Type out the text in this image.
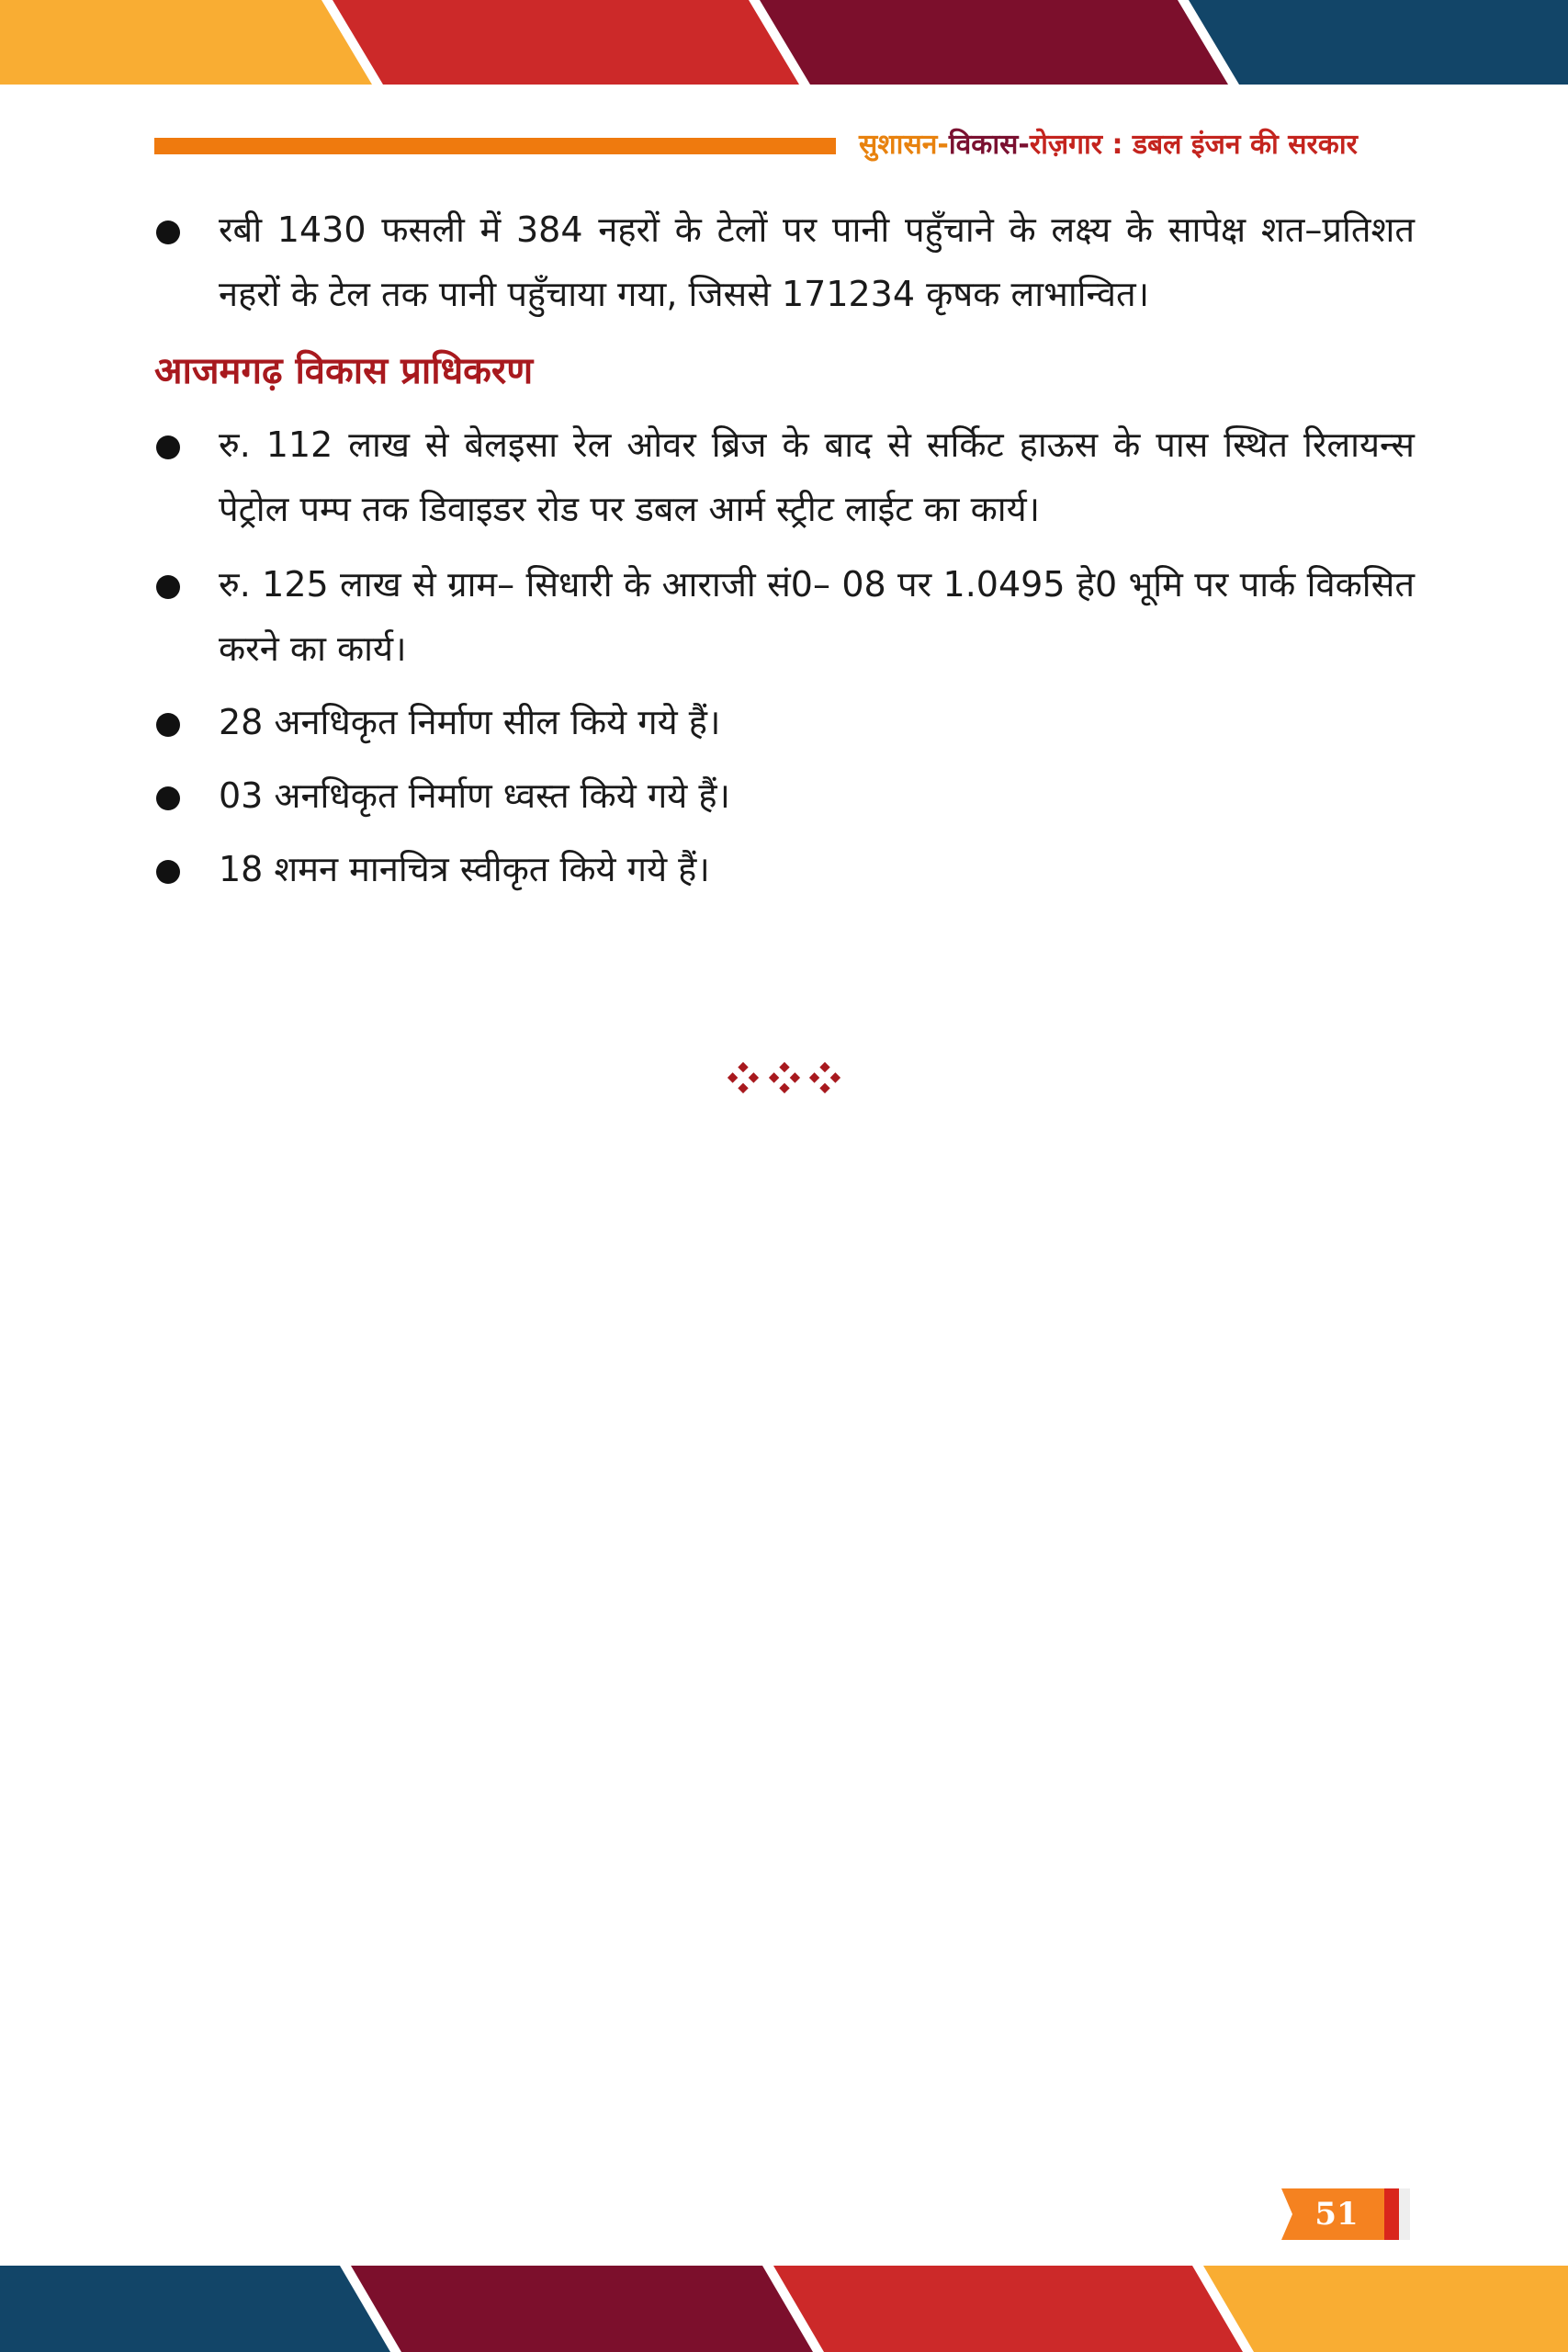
सुशासन-विकास-रोज़गार : डबल इंजन की सरकार

रबी 1430 फसली में 384 नहरों के टेलों पर पानी पहुँचाने के लक्ष्य के सापेक्ष शत–प्रतिशत नहरों के टेल तक पानी पहुँचाया गया, जिससे 171234 कृषक लाभान्वित।

आजमगढ़ विकास प्राधिकरण

रु. 112 लाख से बेलइसा रेल ओवर ब्रिज के बाद से सर्किट हाऊस के पास स्थित रिलायन्स पेट्रोल पम्प तक डिवाइडर रोड पर डबल आर्म स्ट्रीट लाईट का कार्य।

रु. 125 लाख से ग्राम– सिधारी के आराजी सं0– 08 पर 1.0495 हे0 भूमि पर पार्क विकसित करने का कार्य।

28 अनधिकृत निर्माण सील किये गये हैं।

03 अनधिकृत निर्माण ध्वस्त किये गये हैं।

18 शमन मानचित्र स्वीकृत किये गये हैं।

51
